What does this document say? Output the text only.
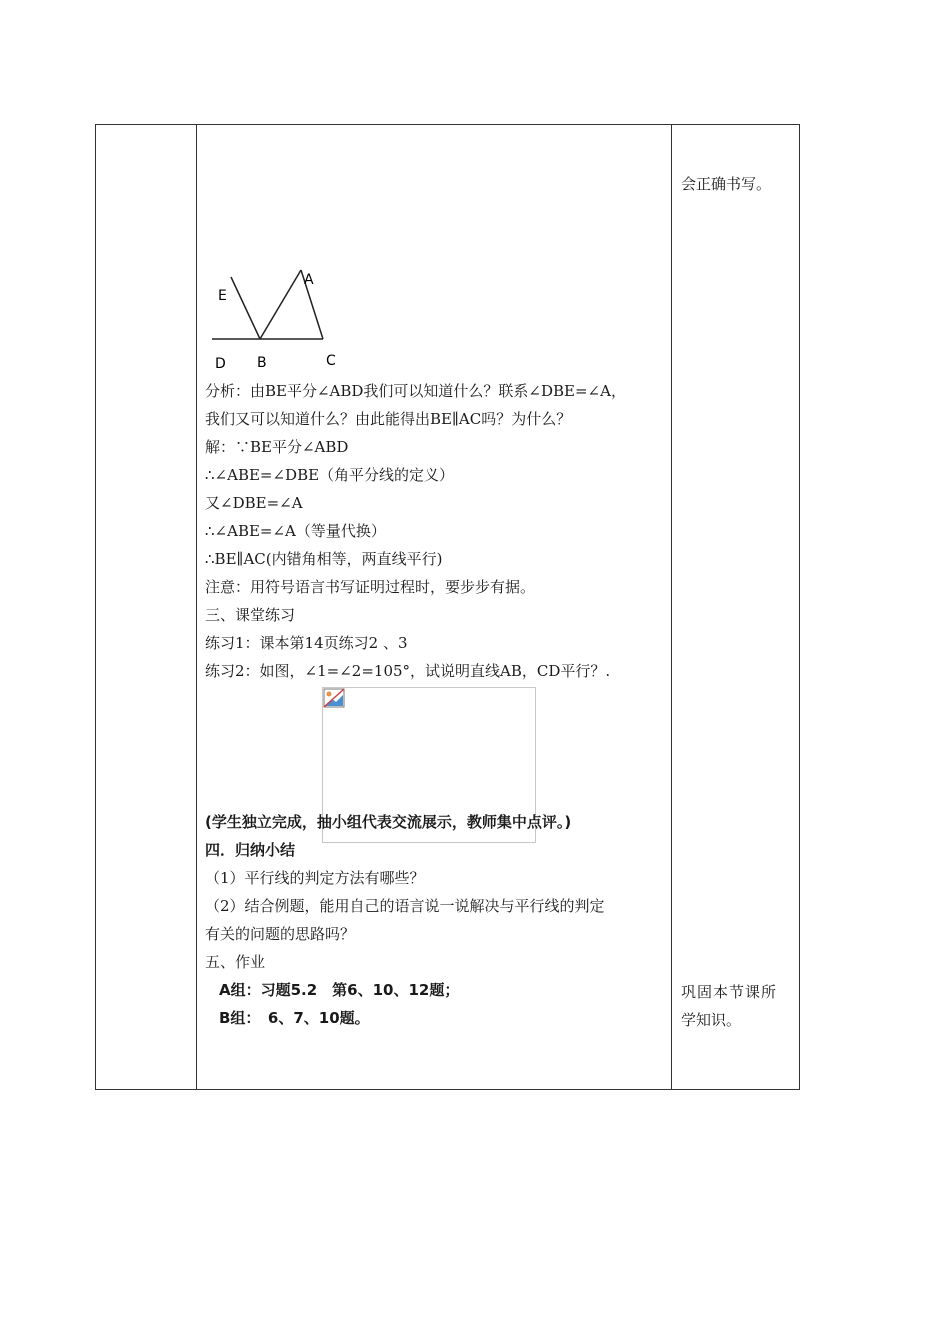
会正确书写。
巩固本节课所
学知识。
E
A
D B	C
分析：由BE平分∠ABD我们可以知道什么？联系∠DBE=∠A，
我们又可以知道什么？由此能得出BE∥AC吗？为什么？
解：∵BE平分∠ABD
∴∠ABE=∠DBE（角平分线的定义）
又∠DBE=∠A
∴∠ABE=∠A（等量代换）
∴BE∥AC(内错角相等，两直线平行)
注意：用符号语言书写证明过程时，要步步有据。
三、课堂练习
练习1：课本第14页练习2 、3
练习2：如图，∠1=∠2=105°，试说明直线AB，CD平行？.
(学生独立完成，抽小组代表交流展示，教师集中点评。)
四．归纳小结
（1）平行线的判定方法有哪些？
（2）结合例题，能用自己的语言说一说解决与平行线的判定
有关的问题的思路吗？
五、作业
A组：习题5.2　第6、10、12题；
B组：　6、7、10题。
